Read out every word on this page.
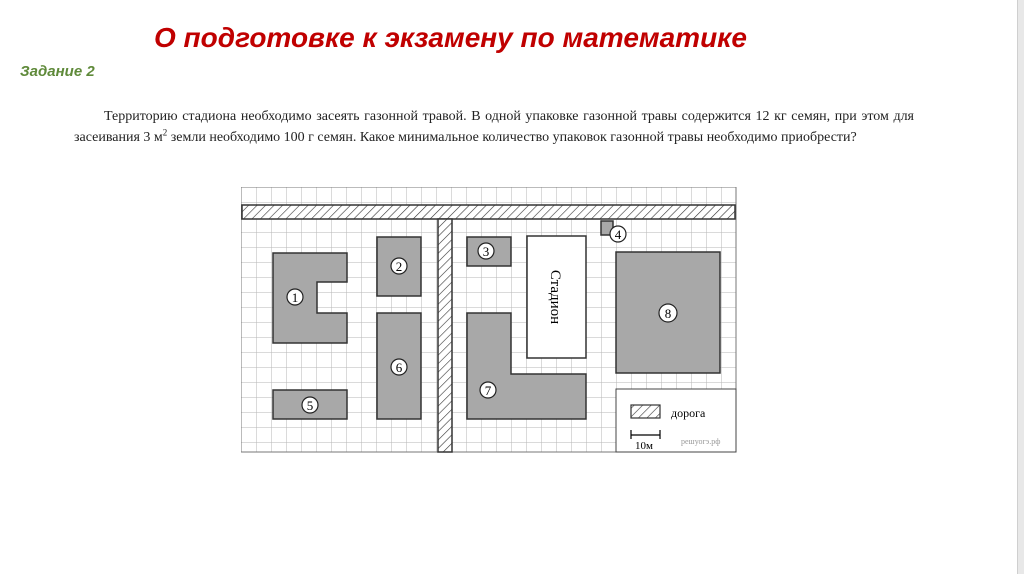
О подготовке к экзамену по математике
Задание 2

Территорию стадиона необходимо засеять газонной травой. В одной упаковке газонной травы содержится 12 кг семян, при этом для засеивания 3 $м^2$ земли необходимо 100 г семян. Какое минимальное количество упаковок газонной травы необходимо приобрести?

1
2
3
4
Стадион	8
6
7
5	дорога
10м	решуогэ.рф
